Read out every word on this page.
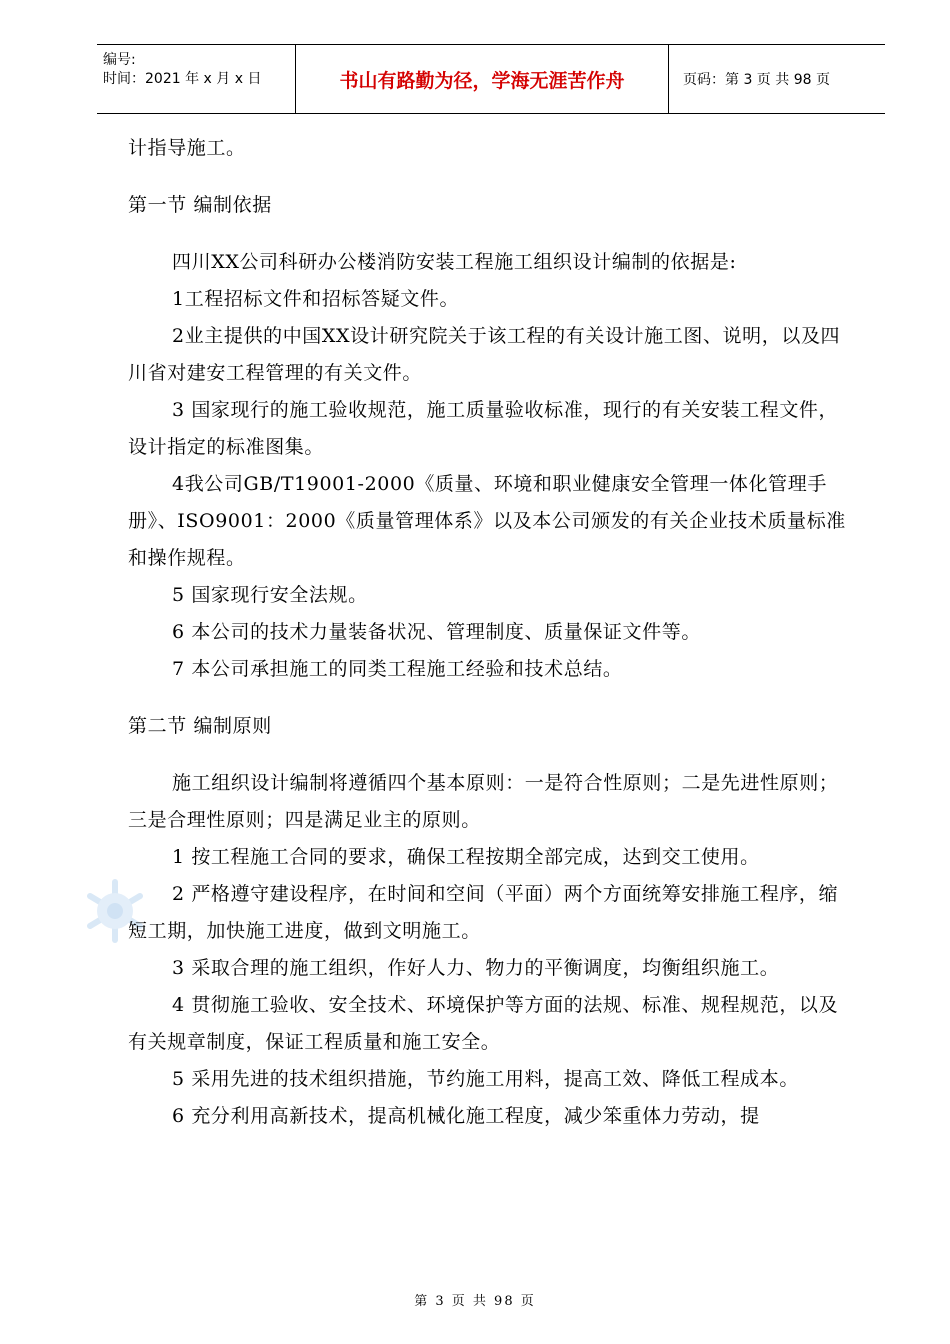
编号:
时间：2021 年 x 月 x 日	书山有路勤为径，学海无涯苦作舟	页码：第 3 页 共 98 页

计指导施工。

第一节 编制依据

四川XX公司科研办公楼消防安装工程施工组织设计编制的依据是:

1工程招标文件和招标答疑文件。

2业主提供的中国XX设计研究院关于该工程的有关设计施工图、说明，以及四川省对建安工程管理的有关文件。

3 国家现行的施工验收规范，施工质量验收标准，现行的有关安装工程文件，设计指定的标准图集。

4我公司GB/T19001-2000《质量、环境和职业健康安全管理一体化管理手册》、ISO9001：2000《质量管理体系》以及本公司颁发的有关企业技术质量标准和操作规程。

5 国家现行安全法规。

6 本公司的技术力量装备状况、管理制度、质量保证文件等。

7 本公司承担施工的同类工程施工经验和技术总结。

第二节 编制原则

施工组织设计编制将遵循四个基本原则：一是符合性原则；二是先进性原则；三是合理性原则；四是满足业主的原则。

1 按工程施工合同的要求，确保工程按期全部完成，达到交工使用。

2 严格遵守建设程序，在时间和空间（平面）两个方面统筹安排施工程序，缩短工期，加快施工进度，做到文明施工。

3 采取合理的施工组织，作好人力、物力的平衡调度，均衡组织施工。

4 贯彻施工验收、安全技术、环境保护等方面的法规、标准、规程规范，以及有关规章制度，保证工程质量和施工安全。

5 采用先进的技术组织措施，节约施工用料，提高工效、降低工程成本。

6 充分利用高新技术，提高机械化施工程度，减少笨重体力劳动，提

第 3 页 共 98 页
